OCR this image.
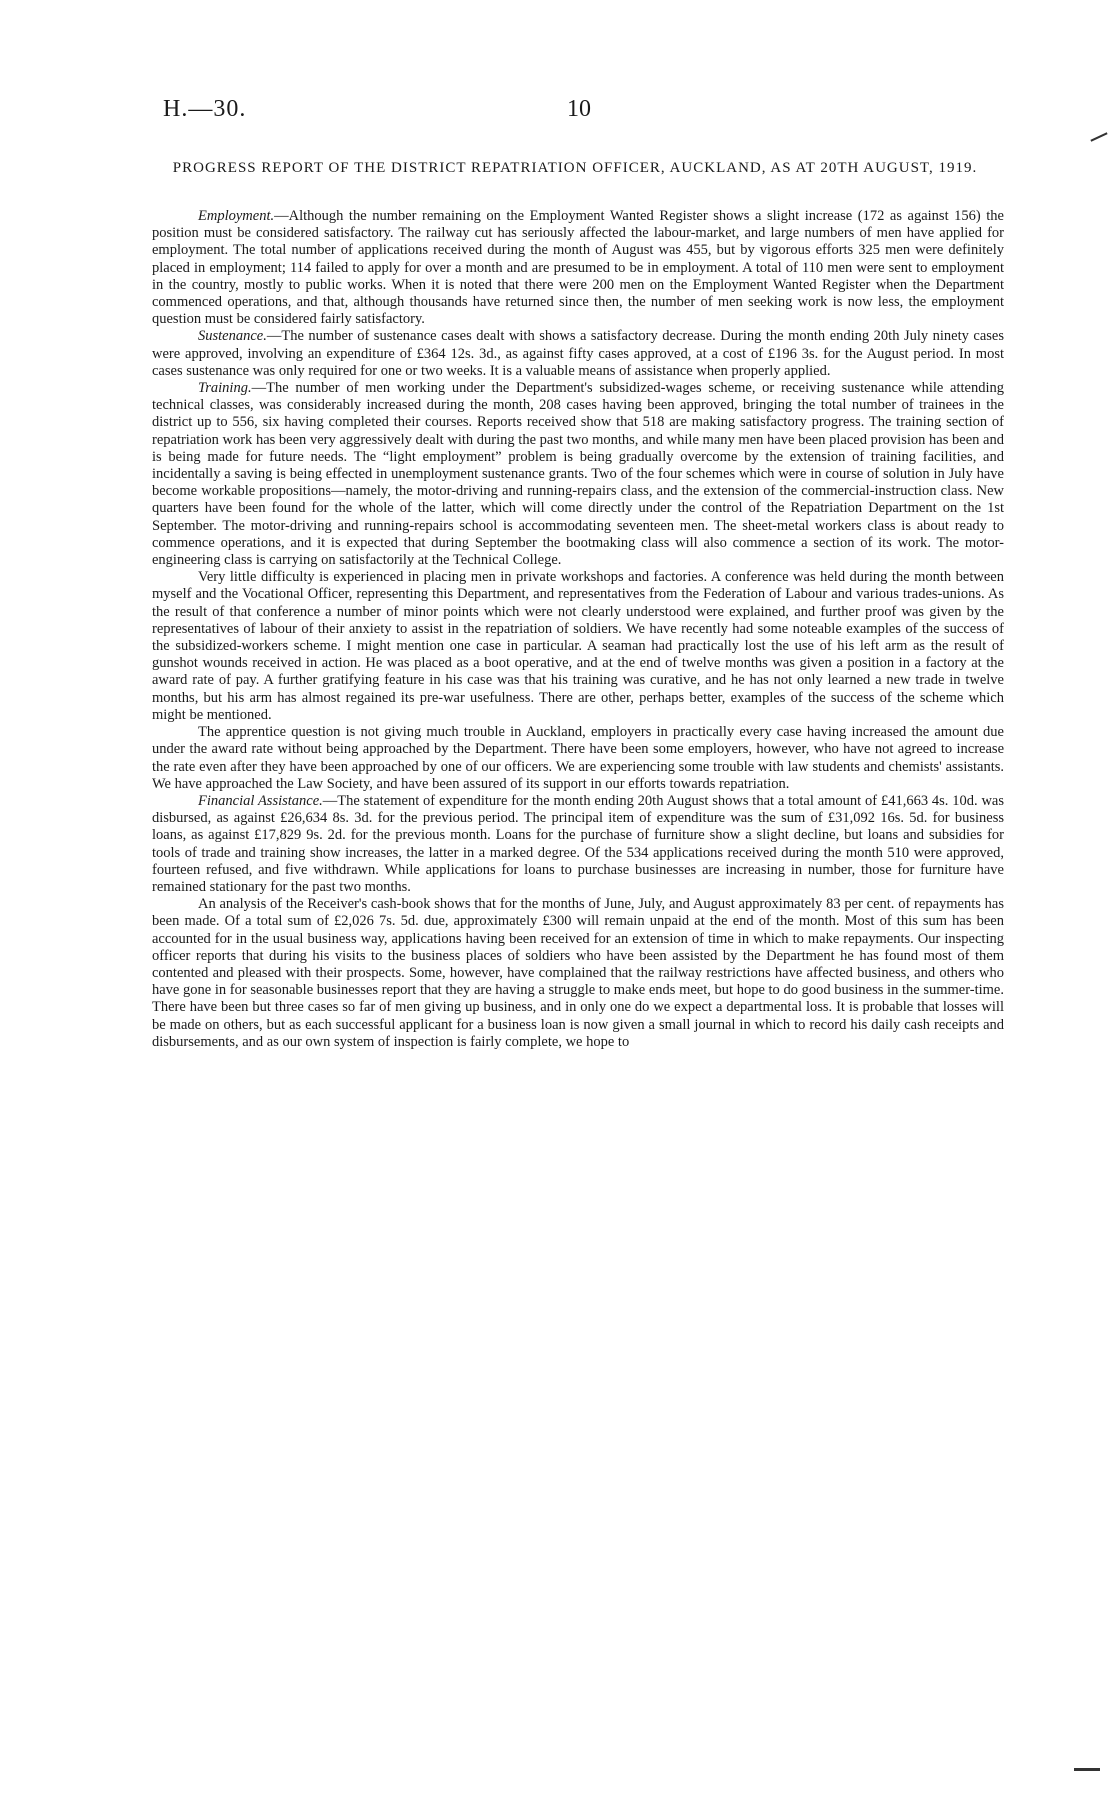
H.—30.	10
PROGRESS REPORT OF THE DISTRICT REPATRIATION OFFICER, AUCKLAND, AS AT 20TH AUGUST, 1919.

Employment.—Although the number remaining on the Employment Wanted Register shows a slight increase (172 as against 156) the position must be considered satisfactory. The railway cut has seriously affected the labour-market, and large numbers of men have applied for employment. The total number of applications received during the month of August was 455, but by vigorous efforts 325 men were definitely placed in employment; 114 failed to apply for over a month and are presumed to be in employment. A total of 110 men were sent to employment in the country, mostly to public works. When it is noted that there were 200 men on the Employment Wanted Register when the Department commenced operations, and that, although thousands have returned since then, the number of men seeking work is now less, the employment question must be considered fairly satisfactory.

Sustenance.—The number of sustenance cases dealt with shows a satisfactory decrease. During the month ending 20th July ninety cases were approved, involving an expenditure of £364 12s. 3d., as against fifty cases approved, at a cost of £196 3s. for the August period. In most cases sustenance was only required for one or two weeks. It is a valuable means of assistance when properly applied.

Training.—The number of men working under the Department's subsidized-wages scheme, or receiving sustenance while attending technical classes, was considerably increased during the month, 208 cases having been approved, bringing the total number of trainees in the district up to 556, six having completed their courses. Reports received show that 518 are making satisfactory progress. The training section of repatriation work has been very aggressively dealt with during the past two months, and while many men have been placed provision has been and is being made for future needs. The “light employment” problem is being gradually overcome by the extension of training facilities, and incidentally a saving is being effected in unemployment sustenance grants. Two of the four schemes which were in course of solution in July have become workable propositions—namely, the motor-driving and running-repairs class, and the extension of the commercial-instruction class. New quarters have been found for the whole of the latter, which will come directly under the control of the Repatriation Department on the 1st September. The motor-driving and running-repairs school is accommodating seventeen men. The sheet-metal workers class is about ready to commence operations, and it is expected that during September the bootmaking class will also commence a section of its work. The motor-engineering class is carrying on satisfactorily at the Technical College.

Very little difficulty is experienced in placing men in private workshops and factories. A conference was held during the month between myself and the Vocational Officer, representing this Department, and representatives from the Federation of Labour and various trades-unions. As the result of that conference a number of minor points which were not clearly understood were explained, and further proof was given by the representatives of labour of their anxiety to assist in the repatriation of soldiers. We have recently had some noteable examples of the success of the subsidized-workers scheme. I might mention one case in particular. A seaman had practically lost the use of his left arm as the result of gunshot wounds received in action. He was placed as a boot operative, and at the end of twelve months was given a position in a factory at the award rate of pay. A further gratifying feature in his case was that his training was curative, and he has not only learned a new trade in twelve months, but his arm has almost regained its pre-war usefulness. There are other, perhaps better, examples of the success of the scheme which might be mentioned.

The apprentice question is not giving much trouble in Auckland, employers in practically every case having increased the amount due under the award rate without being approached by the Department. There have been some employers, however, who have not agreed to increase the rate even after they have been approached by one of our officers. We are experiencing some trouble with law students and chemists' assistants. We have approached the Law Society, and have been assured of its support in our efforts towards repatriation.

Financial Assistance.—The statement of expenditure for the month ending 20th August shows that a total amount of £41,663 4s. 10d. was disbursed, as against £26,634 8s. 3d. for the previous period. The principal item of expenditure was the sum of £31,092 16s. 5d. for business loans, as against £17,829 9s. 2d. for the previous month. Loans for the purchase of furniture show a slight decline, but loans and subsidies for tools of trade and training show increases, the latter in a marked degree. Of the 534 applications received during the month 510 were approved, fourteen refused, and five withdrawn. While applications for loans to purchase businesses are increasing in number, those for furniture have remained stationary for the past two months.

An analysis of the Receiver's cash-book shows that for the months of June, July, and August approximately 83 per cent. of repayments has been made. Of a total sum of £2,026 7s. 5d. due, approximately £300 will remain unpaid at the end of the month. Most of this sum has been accounted for in the usual business way, applications having been received for an extension of time in which to make repayments. Our inspecting officer reports that during his visits to the business places of soldiers who have been assisted by the Department he has found most of them contented and pleased with their prospects. Some, however, have complained that the railway restrictions have affected business, and others who have gone in for seasonable businesses report that they are having a struggle to make ends meet, but hope to do good business in the summer-time. There have been but three cases so far of men giving up business, and in only one do we expect a departmental loss. It is probable that losses will be made on others, but as each successful applicant for a business loan is now given a small journal in which to record his daily cash receipts and disbursements, and as our own system of inspection is fairly complete, we hope to
